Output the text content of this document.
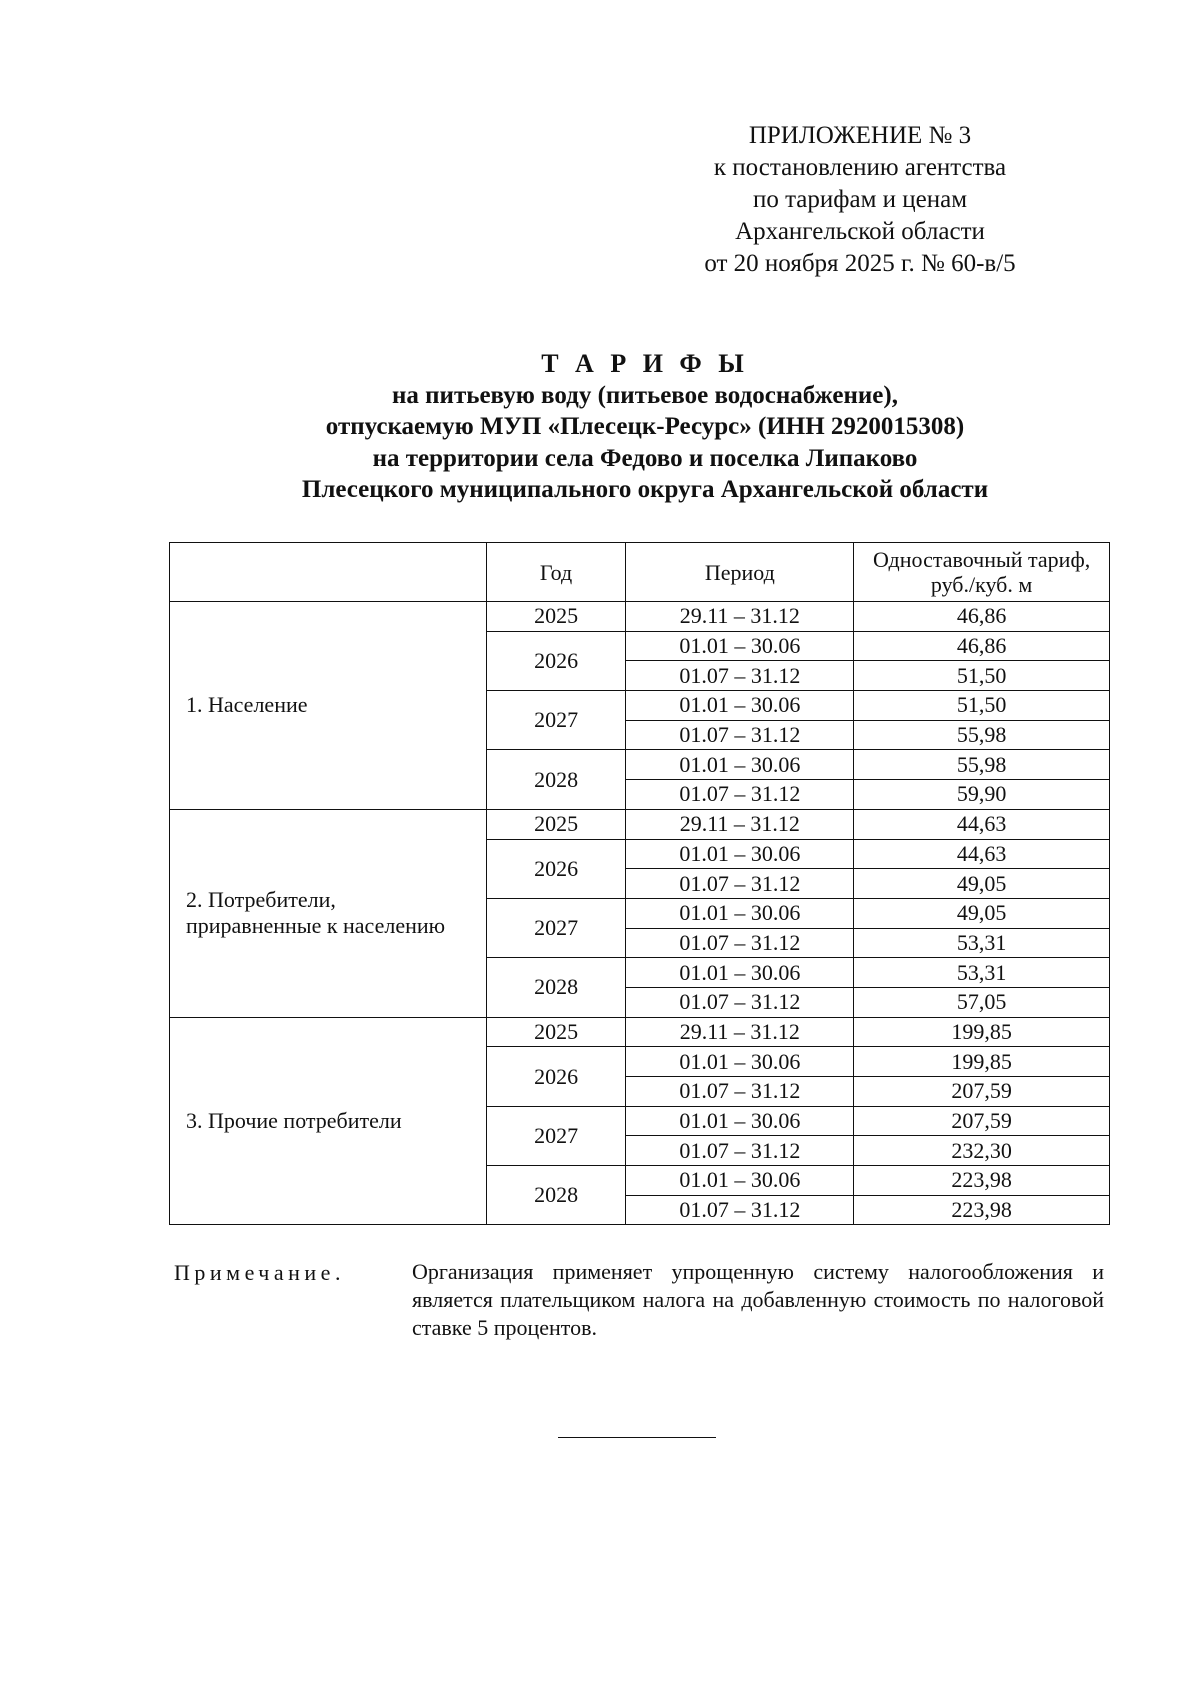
ПРИЛОЖЕНИЕ № 3
к постановлению агентства
по тарифам и ценам
Архангельской области
от 20 ноября 2025 г. № 60-в/5
Т А Р И Ф Ы
на питьевую воду (питьевое водоснабжение),
отпускаемую МУП «Плесецк-Ресурс» (ИНН 2920015308)
на территории села Федово и поселка Липаково
Плесецкого муниципального округа Архангельской области
	Год	Период	Одноставочный тариф,
руб./куб. м

1. Население	2025	29.11 – 31.12	46,86
	2026	01.01 – 30.06	46,86
		01.07 – 31.12	51,50
	2027	01.01 – 30.06	51,50
		01.07 – 31.12	55,98
	2028	01.01 – 30.06	55,98
		01.07 – 31.12	59,90

2. Потребители,
приравненные к населению	2025	29.11 – 31.12	44,63
	2026	01.01 – 30.06	44,63
		01.07 – 31.12	49,05
	2027	01.01 – 30.06	49,05
		01.07 – 31.12	53,31
	2028	01.01 – 30.06	53,31
		01.07 – 31.12	57,05

3. Прочие потребители	2025	29.11 – 31.12	199,85
	2026	01.01 – 30.06	199,85
		01.07 – 31.12	207,59
	2027	01.01 – 30.06	207,59
		01.07 – 31.12	232,30
	2028	01.01 – 30.06	223,98
		01.07 – 31.12	223,98
Примечание.	Организация применяет упрощенную систему налогообложения и является плательщиком налога на добавленную стоимость по налоговой ставке 5 процентов.
